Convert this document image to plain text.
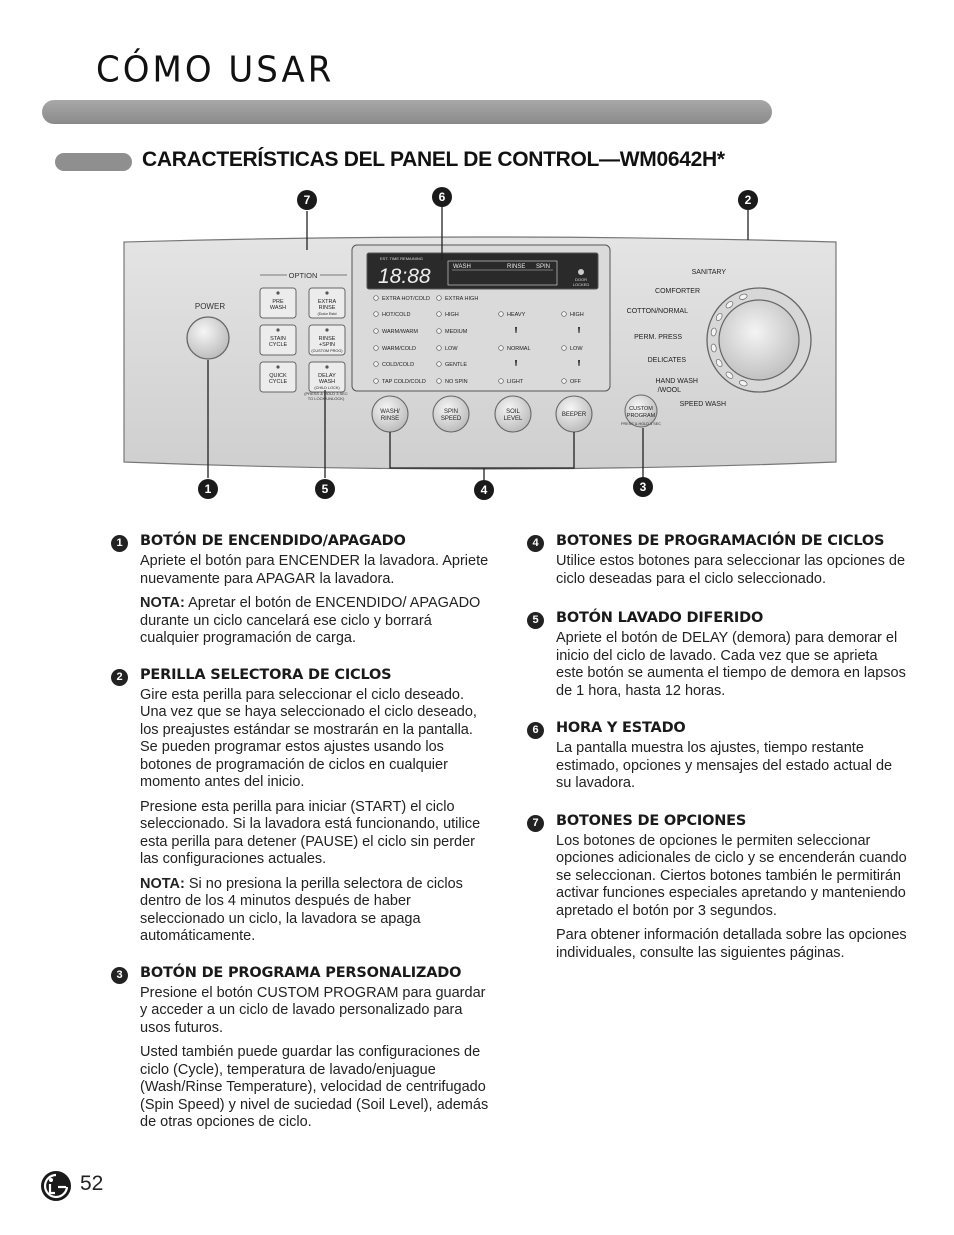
CÓMO USAR
CARACTERÍSTICAS DEL PANEL DE CONTROL—WM0642H*
OPTION
POWER	PRE
WASH
EXTRA
RINSE
(Dolor Estd
STAIN
CYCLE
RINSE
+SPIN
(CUSTOM PROG)
QUICK
CYCLE
DELAY
WASH
(CHILD LOCK)
(PRESS & HOLD 3 SEC
TO LOCK/UNLOCK)
EST. TIME REMAINING
18:88	WASH	RINSE SPIN
DOOR
LOCKED
EXTRA HOT/COLD
HOT/COLD
WARM/WARM
WARM/COLD
COLD/COLD
TAP COLD/COLD
EXTRA HIGH
HIGH
MEDIUM
LOW
GENTLE
NO SPIN
HEAVY
NORMAL
LIGHT
HIGH
LOW
OFF
WASH/
RINSE
SPIN
SPEED
SOIL
LEVEL
BEEPER
CUSTOM
PROGRAM
PRESS & HOLD 3 SEC
SANITARY
COMFORTER
COTTON/NORMAL
PERM. PRESS
DELICATES
HAND WASH
/WOOL
SPEED WASH
7	6	2
1	5	4	3
1	BOTÓN DE ENCENDIDO/APAGADO

Apriete el botón para ENCENDER la lavadora. Apriete nuevamente para APAGAR la lavadora.

NOTA: Apretar el botón de ENCENDIDO/ APAGADO durante un ciclo cancelará ese ciclo y borrará cualquier programación de carga.

2	PERILLA SELECTORA DE CICLOS

Gire esta perilla para seleccionar el ciclo deseado. Una vez que se haya seleccionado el ciclo deseado, los preajustes estándar se mostrarán en la pantalla. Se pueden programar estos ajustes usando los botones de programación de ciclos en cualquier momento antes del inicio.

Presione esta perilla para iniciar (START) el ciclo seleccionado. Si la lavadora está funcionando, utilice esta perilla para detener (PAUSE) el ciclo sin perder las configuraciones actuales.

NOTA: Si no presiona la perilla selectora de ciclos dentro de los 4 minutos después de haber seleccionado un ciclo, la lavadora se apaga automáticamente.

3	BOTÓN DE PROGRAMA PERSONALIZADO

Presione el botón CUSTOM PROGRAM para guardar y acceder a un ciclo de lavado personalizado para usos futuros.

Usted también puede guardar las configuraciones de ciclo (Cycle), temperatura de lavado/enjuague (Wash/Rinse Temperature), velocidad de centrifugado (Spin Speed) y nivel de suciedad (Soil Level), además de otras opciones de ciclo.

4	BOTONES DE PROGRAMACIÓN DE CICLOS

Utilice estos botones para seleccionar las opciones de ciclo deseadas para el ciclo seleccionado.

5	BOTÓN LAVADO DIFERIDO

Apriete el botón de DELAY (demora) para demorar el inicio del ciclo de lavado. Cada vez que se aprieta este botón se aumenta el tiempo de demora en lapsos de 1 hora, hasta 12 horas.

6	HORA Y ESTADO

La pantalla muestra los ajustes, tiempo restante estimado, opciones y mensajes del estado actual de su lavadora.

7	BOTONES DE OPCIONES

Los botones de opciones le permiten seleccionar opciones adicionales de ciclo y se encenderán cuando se seleccionan. Ciertos botones también le permitirán activar funciones especiales apretando y manteniendo apretado el botón por 3 segundos.

Para obtener información detallada sobre las opciones individuales, consulte las siguientes páginas.

52
